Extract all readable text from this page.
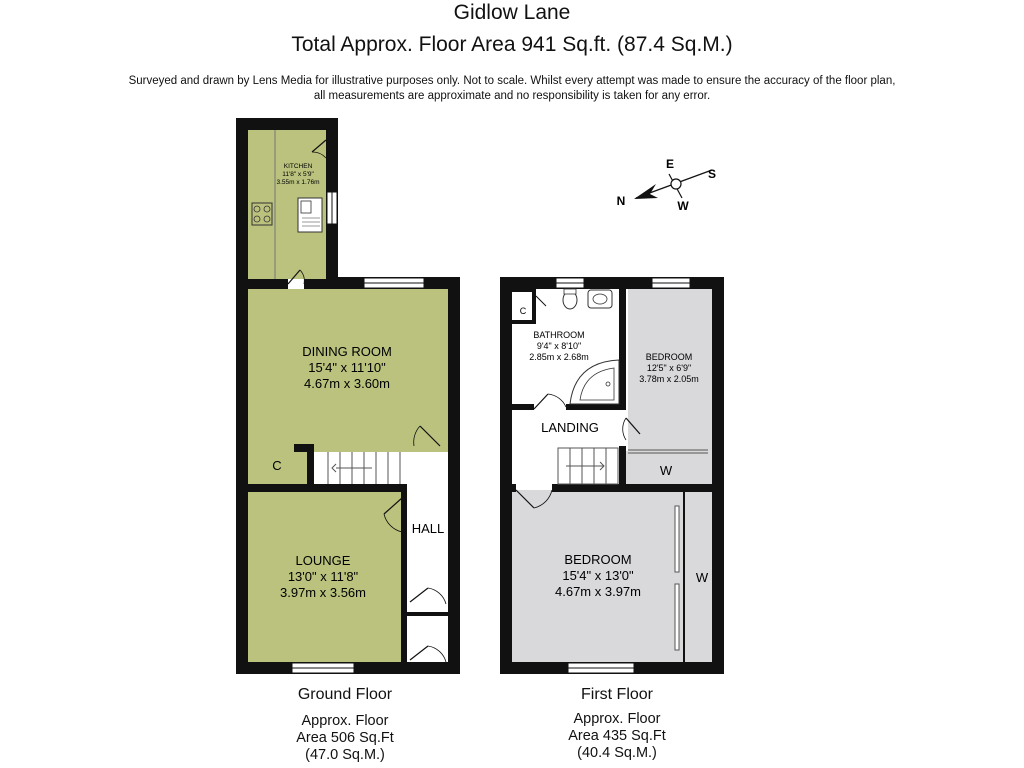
Gidlow Lane
Total Approx. Floor Area 941 Sq.ft. (87.4 Sq.M.)
Surveyed and drawn by Lens Media for illustrative purposes only. Not to scale. Whilst every attempt was made to ensure the accuracy of the floor plan,
all measurements are approximate and no responsibility is taken for any error.
KITCHEN
11'8" x 5'9"
3.55m x 1.76m
DINING ROOM
15'4" x 11'10"
4.67m x 3.60m
C
LOUNGE
13'0" x 11'8"
3.97m x 3.56m
HALL
C
BATHROOM
9'4" x 8'10"
2.85m x 2.68m	BEDROOM
12'5" x 6'9"
3.78m x 2.05m
LANDING
W
W
BEDROOM
15'4" x 13'0"
4.67m x 3.97m
N
E
S
W
Ground Floor
Approx. Floor
Area 506 Sq.Ft
(47.0 Sq.M.)
First Floor
Approx. Floor
Area 435 Sq.Ft
(40.4 Sq.M.)
